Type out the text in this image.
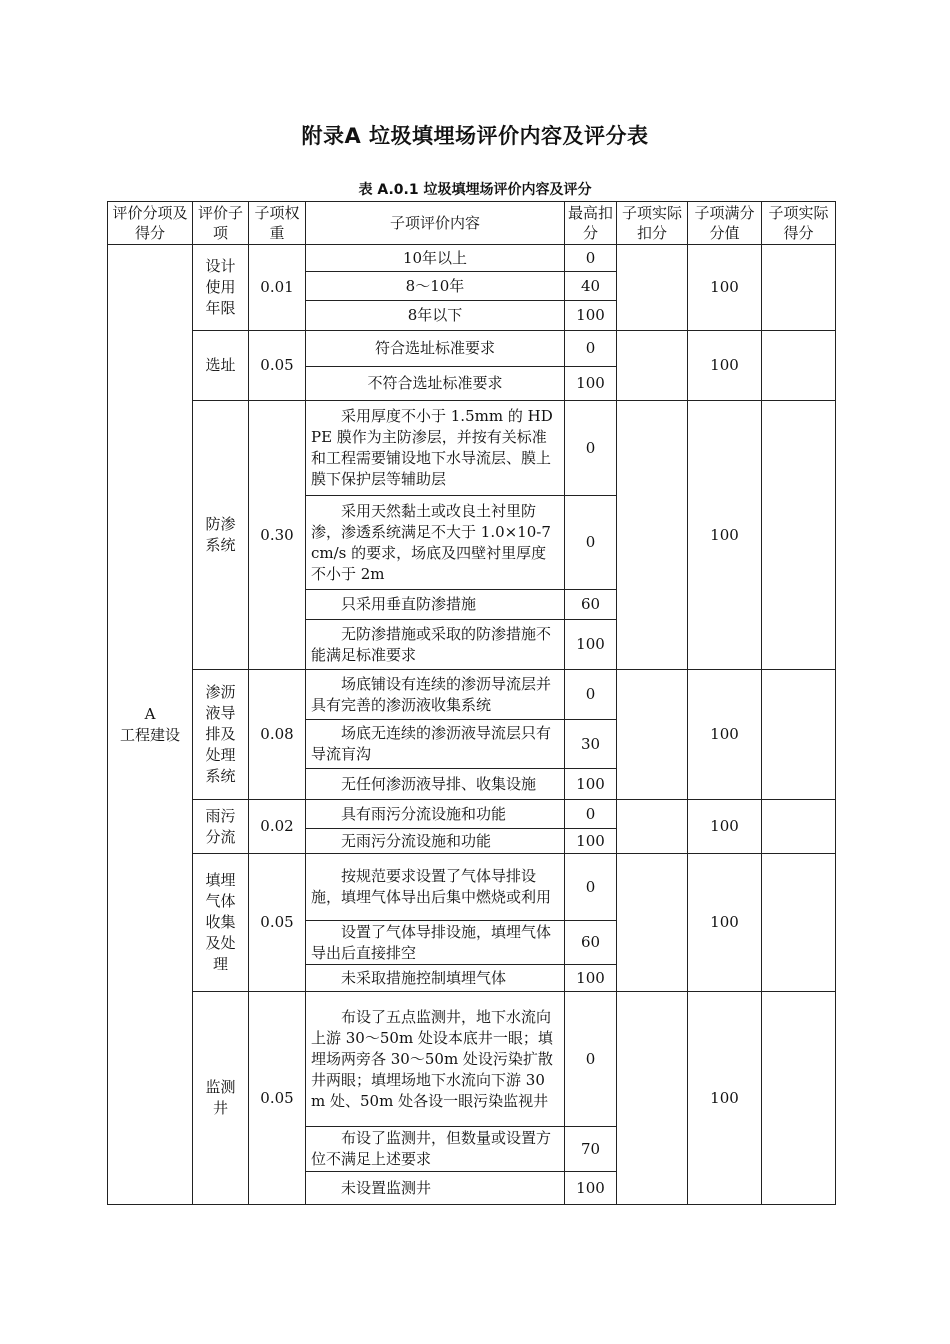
附录A 垃圾填埋场评价内容及评分表
表 A.0.1 垃圾填埋场评价内容及评分
评价分项及得分	评价子项	子项权重	子项评价内容	最高扣分	子项实际扣分	子项满分分值	子项实际得分

A
工程建设	设计使用年限	0.01	10年以上	0		100	
			8～10年	40			
			8年以下	100			
	选址	0.05	符合选址标准要求	0		100	
			不符合选址标准要求	100			
	防渗系统	0.30	采用厚度不小于 1.5mm 的 HDPE 膜作为主防渗层，并按有关标准和工程需要铺设地下水导流层、膜上膜下保护层等辅助层	0		100	
			采用天然黏土或改良土衬里防渗，渗透系统满足不大于 1.0×10-7cm/s 的要求，场底及四壁衬里厚度不小于 2m	0			
			只采用垂直防渗措施	60			
			无防渗措施或采取的防渗措施不能满足标准要求	100			
	渗沥液导排及处理系统	0.08	场底铺设有连续的渗沥导流层并具有完善的渗沥液收集系统	0		100	
			场底无连续的渗沥液导流层只有导流肓沟	30			
			无任何渗沥液导排、收集设施	100			
	雨污分流	0.02	具有雨污分流设施和功能	0		100	
			无雨污分流设施和功能	100			
	填埋气体收集及处理	0.05	按规范要求设置了气体导排设施，填埋气体导出后集中燃烧或利用	0		100	
			设置了气体导排设施，填埋气体导出后直接排空	60			
			未采取措施控制填埋气体	100			
	监测井	0.05	布设了五点监测井，地下水流向上游 30～50m 处设本底井一眼；填埋场两旁各 30～50m 处设污染扩散井两眼；填埋场地下水流向下游 30m 处、50m 处各设一眼污染监视井	0		100	
			布设了监测井，但数量或设置方位不满足上述要求	70			
			未设置监测井	100			
